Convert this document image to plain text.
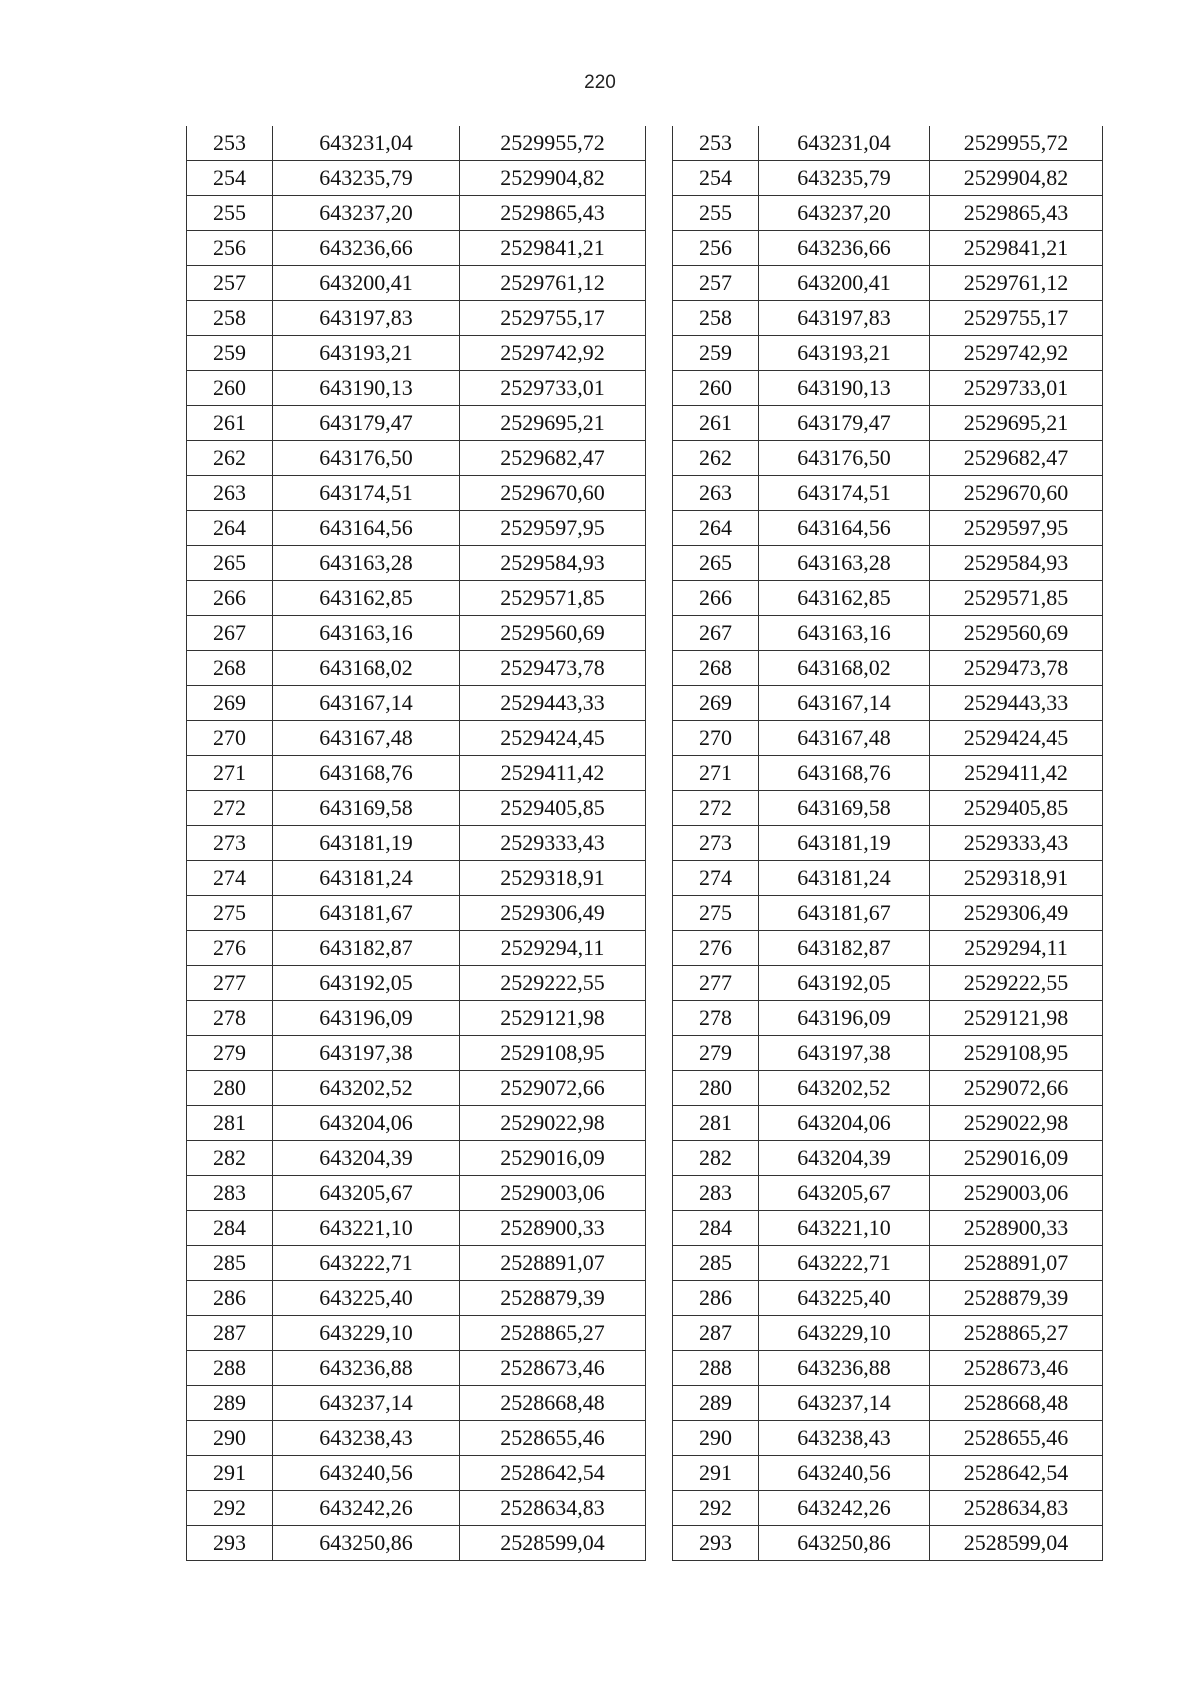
220
253	643231,04	2529955,72
254	643235,79	2529904,82
255	643237,20	2529865,43
256	643236,66	2529841,21
257	643200,41	2529761,12
258	643197,83	2529755,17
259	643193,21	2529742,92
260	643190,13	2529733,01
261	643179,47	2529695,21
262	643176,50	2529682,47
263	643174,51	2529670,60
264	643164,56	2529597,95
265	643163,28	2529584,93
266	643162,85	2529571,85
267	643163,16	2529560,69
268	643168,02	2529473,78
269	643167,14	2529443,33
270	643167,48	2529424,45
271	643168,76	2529411,42
272	643169,58	2529405,85
273	643181,19	2529333,43
274	643181,24	2529318,91
275	643181,67	2529306,49
276	643182,87	2529294,11
277	643192,05	2529222,55
278	643196,09	2529121,98
279	643197,38	2529108,95
280	643202,52	2529072,66
281	643204,06	2529022,98
282	643204,39	2529016,09
283	643205,67	2529003,06
284	643221,10	2528900,33
285	643222,71	2528891,07
286	643225,40	2528879,39
287	643229,10	2528865,27
288	643236,88	2528673,46
289	643237,14	2528668,48
290	643238,43	2528655,46
291	643240,56	2528642,54
292	643242,26	2528634,83
293	643250,86	2528599,04
253	643231,04	2529955,72
254	643235,79	2529904,82
255	643237,20	2529865,43
256	643236,66	2529841,21
257	643200,41	2529761,12
258	643197,83	2529755,17
259	643193,21	2529742,92
260	643190,13	2529733,01
261	643179,47	2529695,21
262	643176,50	2529682,47
263	643174,51	2529670,60
264	643164,56	2529597,95
265	643163,28	2529584,93
266	643162,85	2529571,85
267	643163,16	2529560,69
268	643168,02	2529473,78
269	643167,14	2529443,33
270	643167,48	2529424,45
271	643168,76	2529411,42
272	643169,58	2529405,85
273	643181,19	2529333,43
274	643181,24	2529318,91
275	643181,67	2529306,49
276	643182,87	2529294,11
277	643192,05	2529222,55
278	643196,09	2529121,98
279	643197,38	2529108,95
280	643202,52	2529072,66
281	643204,06	2529022,98
282	643204,39	2529016,09
283	643205,67	2529003,06
284	643221,10	2528900,33
285	643222,71	2528891,07
286	643225,40	2528879,39
287	643229,10	2528865,27
288	643236,88	2528673,46
289	643237,14	2528668,48
290	643238,43	2528655,46
291	643240,56	2528642,54
292	643242,26	2528634,83
293	643250,86	2528599,04
